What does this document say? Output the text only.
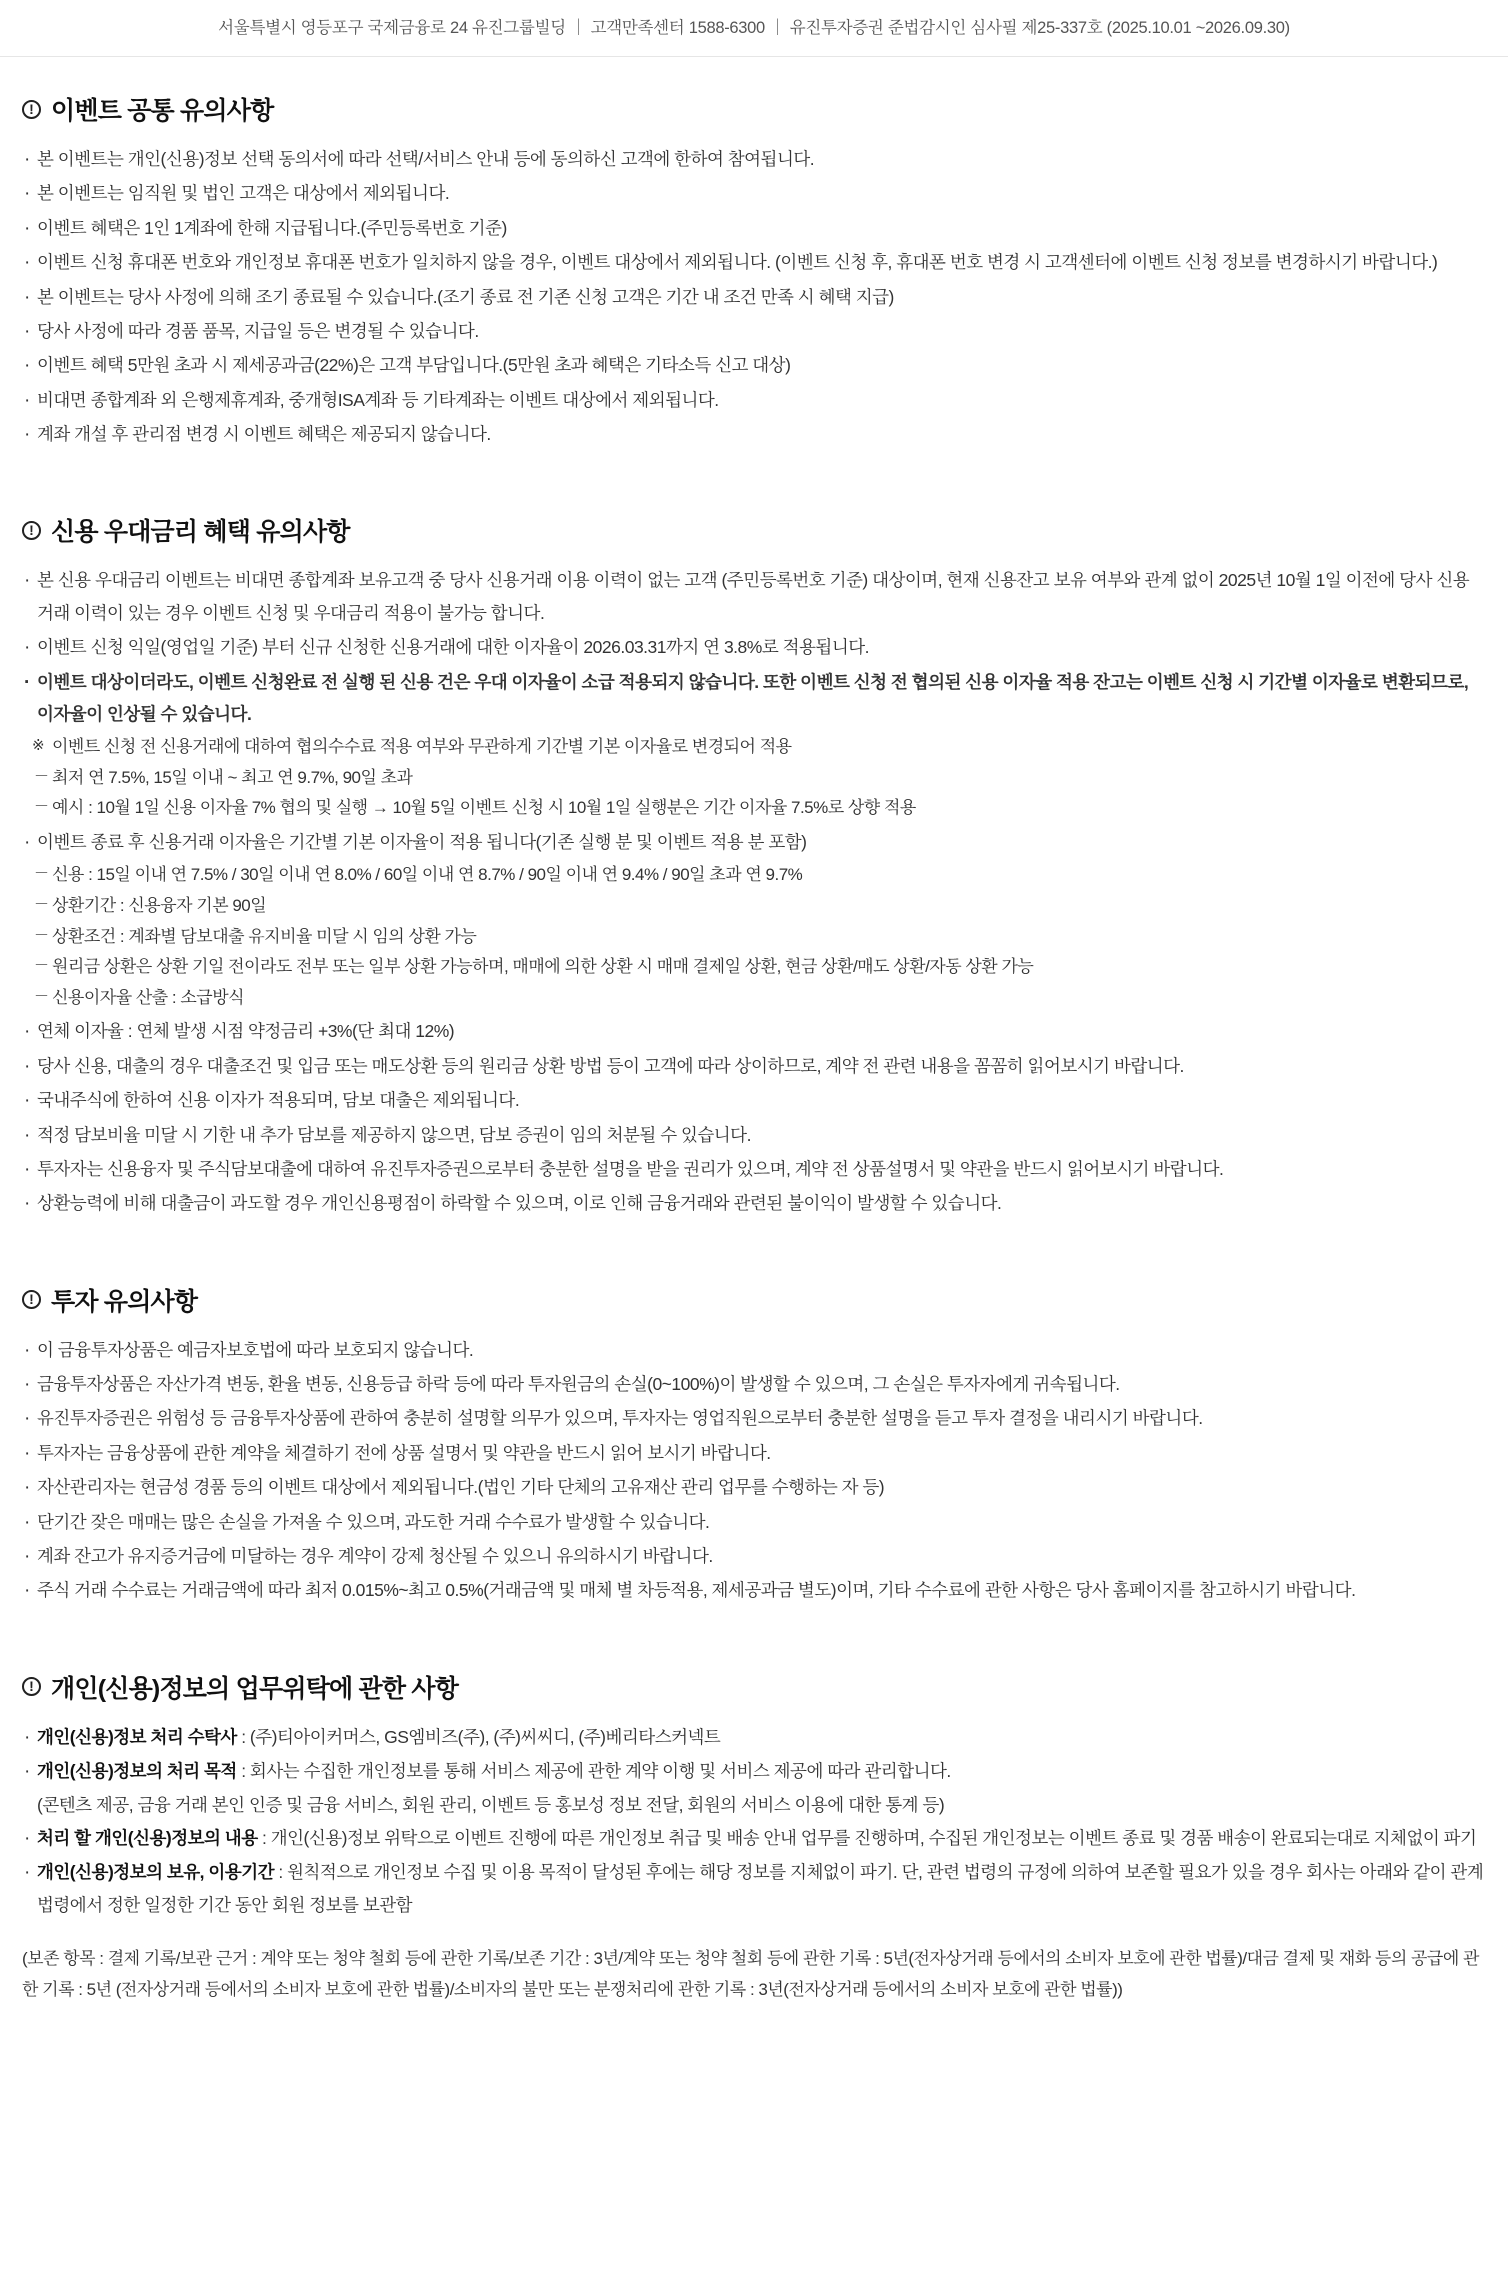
서울특별시 영등포구 국제금융로 24 유진그룹빌딩 ｜ 고객만족센터 1588-6300 ｜ 유진투자증권 준법감시인 심사필 제25-337호 (2025.10.01 ~2026.09.30)
! 이벤트 공통 유의사항
· 본 이벤트는 개인(신용)정보 선택 동의서에 따라 선택/서비스 안내 등에 동의하신 고객에 한하여 참여됩니다.
· 본 이벤트는 임직원 및 법인 고객은 대상에서 제외됩니다.
· 이벤트 혜택은 1인 1계좌에 한해 지급됩니다.(주민등록번호 기준)
· 이벤트 신청 휴대폰 번호와 개인정보 휴대폰 번호가 일치하지 않을 경우, 이벤트 대상에서 제외됩니다. (이벤트 신청 후, 휴대폰 번호 변경 시 고객센터에 이벤트 신청 정보를 변경하시기 바랍니다.)
· 본 이벤트는 당사 사정에 의해 조기 종료될 수 있습니다.(조기 종료 전 기존 신청 고객은 기간 내 조건 만족 시 혜택 지급)
· 당사 사정에 따라 경품 품목, 지급일 등은 변경될 수 있습니다.
· 이벤트 혜택 5만원 초과 시 제세공과금(22%)은 고객 부담입니다.(5만원 초과 혜택은 기타소득 신고 대상)
· 비대면 종합계좌 외 은행제휴계좌, 중개형ISA계좌 등 기타계좌는 이벤트 대상에서 제외됩니다.
· 계좌 개설 후 관리점 변경 시 이벤트 혜택은 제공되지 않습니다.
! 신용 우대금리 혜택 유의사항
· 본 신용 우대금리 이벤트는 비대면 종합계좌 보유고객 중 당사 신용거래 이용 이력이 없는 고객 (주민등록번호 기준) 대상이며, 현재 신용잔고 보유 여부와 관계 없이 2025년 10월 1일 이전에 당사 신용 거래 이력이 있는 경우 이벤트 신청 및 우대금리 적용이 불가능 합니다.
· 이벤트 신청 익일(영업일 기준) 부터 신규 신청한 신용거래에 대한 이자율이 2026.03.31까지 연 3.8%로 적용됩니다.
· 이벤트 대상이더라도, 이벤트 신청완료 전 실행 된 신용 건은 우대 이자율이 소급 적용되지 않습니다. 또한 이벤트 신청 전 협의된 신용 이자율 적용 잔고는 이벤트 신청 시 기간별 이자율로 변환되므로, 이자율이 인상될 수 있습니다.
※ 이벤트 신청 전 신용거래에 대하여 협의수수료 적용 여부와 무관하게 기간별 기본 이자율로 변경되어 적용
－ 최저 연 7.5%, 15일 이내 ~ 최고 연 9.7%, 90일 초과
－ 예시 : 10월 1일 신용 이자율 7% 협의 및 실행 → 10월 5일 이벤트 신청 시 10월 1일 실행분은 기간 이자율 7.5%로 상향 적용
· 이벤트 종료 후 신용거래 이자율은 기간별 기본 이자율이 적용 됩니다(기존 실행 분 및 이벤트 적용 분 포함)
－ 신용 : 15일 이내 연 7.5% / 30일 이내 연 8.0% / 60일 이내 연 8.7% / 90일 이내 연 9.4% / 90일 초과 연 9.7%
－ 상환기간 : 신용융자 기본 90일
－ 상환조건 : 계좌별 담보대출 유지비율 미달 시 임의 상환 가능
－ 원리금 상환은 상환 기일 전이라도 전부 또는 일부 상환 가능하며, 매매에 의한 상환 시 매매 결제일 상환, 현금 상환/매도 상환/자동 상환 가능
－ 신용이자율 산출 : 소급방식
· 연체 이자율 : 연체 발생 시점 약정금리 +3%(단 최대 12%)
· 당사 신용, 대출의 경우 대출조건 및 입금 또는 매도상환 등의 원리금 상환 방법 등이 고객에 따라 상이하므로, 계약 전 관련 내용을 꼼꼼히 읽어보시기 바랍니다.
· 국내주식에 한하여 신용 이자가 적용되며, 담보 대출은 제외됩니다.
· 적정 담보비율 미달 시 기한 내 추가 담보를 제공하지 않으면, 담보 증권이 임의 처분될 수 있습니다.
· 투자자는 신용융자 및 주식담보대출에 대하여 유진투자증권으로부터 충분한 설명을 받을 권리가 있으며, 계약 전 상품설명서 및 약관을 반드시 읽어보시기 바랍니다.
· 상환능력에 비해 대출금이 과도할 경우 개인신용평점이 하락할 수 있으며, 이로 인해 금융거래와 관련된 불이익이 발생할 수 있습니다.
! 투자 유의사항
· 이 금융투자상품은 예금자보호법에 따라 보호되지 않습니다.
· 금융투자상품은 자산가격 변동, 환율 변동, 신용등급 하락 등에 따라 투자원금의 손실(0~100%)이 발생할 수 있으며, 그 손실은 투자자에게 귀속됩니다.
· 유진투자증권은 위험성 등 금융투자상품에 관하여 충분히 설명할 의무가 있으며, 투자자는 영업직원으로부터 충분한 설명을 듣고 투자 결정을 내리시기 바랍니다.
· 투자자는 금융상품에 관한 계약을 체결하기 전에 상품 설명서 및 약관을 반드시 읽어 보시기 바랍니다.
· 자산관리자는 현금성 경품 등의 이벤트 대상에서 제외됩니다.(법인 기타 단체의 고유재산 관리 업무를 수행하는 자 등)
· 단기간 잦은 매매는 많은 손실을 가져올 수 있으며, 과도한 거래 수수료가 발생할 수 있습니다.
· 계좌 잔고가 유지증거금에 미달하는 경우 계약이 강제 청산될 수 있으니 유의하시기 바랍니다.
· 주식 거래 수수료는 거래금액에 따라 최저 0.015%~최고 0.5%(거래금액 및 매체 별 차등적용, 제세공과금 별도)이며, 기타 수수료에 관한 사항은 당사 홈페이지를 참고하시기 바랍니다.
! 개인(신용)정보의 업무위탁에 관한 사항
· 개인(신용)정보 처리 수탁사 : (주)티아이커머스, GS엠비즈(주), (주)씨씨디, (주)베리타스커넥트
· 개인(신용)정보의 처리 목적 : 회사는 수집한 개인정보를 통해 서비스 제공에 관한 계약 이행 및 서비스 제공에 따라 관리합니다.
(콘텐츠 제공, 금융 거래 본인 인증 및 금융 서비스, 회원 관리, 이벤트 등 홍보성 정보 전달, 회원의 서비스 이용에 대한 통계 등)
· 처리 할 개인(신용)정보의 내용 : 개인(신용)정보 위탁으로 이벤트 진행에 따른 개인정보 취급 및 배송 안내 업무를 진행하며, 수집된 개인정보는 이벤트 종료 및 경품 배송이 완료되는대로 지체없이 파기
· 개인(신용)정보의 보유, 이용기간 : 원칙적으로 개인정보 수집 및 이용 목적이 달성된 후에는 해당 정보를 지체없이 파기. 단, 관련 법령의 규정에 의하여 보존할 필요가 있을 경우 회사는 아래와 같이 관계 법령에서 정한 일정한 기간 동안 회원 정보를 보관함
(보존 항목 : 결제 기록/보관 근거 : 계약 또는 청약 철회 등에 관한 기록/보존 기간 : 3년/계약 또는 청약 철회 등에 관한 기록 : 5년(전자상거래 등에서의 소비자 보호에 관한 법률)/대금 결제 및 재화 등의 공급에 관한 기록 : 5년 (전자상거래 등에서의 소비자 보호에 관한 법률)/소비자의 불만 또는 분쟁처리에 관한 기록 : 3년(전자상거래 등에서의 소비자 보호에 관한 법률))
